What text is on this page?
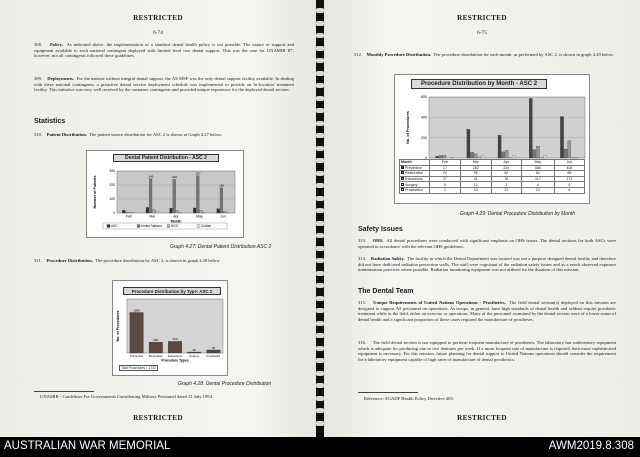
RESTRICTED
6-74
308. Policy. As indicated above, the implementation of a standard dental health policy is not possible. The nature of support and equipment available to each national contingent deployed with limited level two dental support. This was the case for UNAMIR II*, however, not all contingents followed these guidelines.
309. Deployments. For the nations without integral dental support, the AS MSF was the only dental support facility available. In dealing with these national contingents, a proactive dental service deployment schedule was implemented to provide an 'in-location' treatment facility. This initiative was very well received by the customer contingents and provided unique experience for the deployed dental section.
Statistics
310. Patient Distribution. The patient source distribution for ASC 2 is shown at Graph 4.27 below.
Dental Patient Distribution - ASC 2
0
100
200
300
Number of Patients
Feb	Mar	Apr	May	Jun
245	240
267
180
Month
ASC	United Nations	NGO	Civilian
Graph 4.27: Dental Patient Distribution ASC 2
311. Procedure Distribution. The procedure distribution by ASC 2, is shown in graph 4.28 below.
Procedure Distribution by Type: ASC 2
No. of Procedures
1050
Preventive
280
Restorative
300
Extractions
25
Surgery
78
Prosthetics
Procedure Types
Total Procedures = 1733
Graph 4.28: Dental Procedure Distribution
UNAMIR - Guidelines For Governments Contributing Military Personnel dated 21 July 1994.
RESTRICTED
RESTRICTED
6-75
312. Monthly Procedure Distribution. The procedure distribution for each month, as performed by ASC 2, is shown in graph 4.29 below.
Procedure Distribution by Month - ASC 2
0
200
400
600
No. of Procedures
Month	Feb	Mar	Apr	May	Jun
Preventive	17	282	224	586	408
Restorative	24	56	60	83	88
Extractions	27	41	76	117	171
Surgery	0	12	3	4	5
Prosthetics	2	24	22	22	8
Graph 4.29: Dental Procedure Distribution by Month
Safety Issues
313. OHS. All dental procedures were conducted with significant emphasis on OHS issues. The dental sections for both ASCs were operated in accordance with the relevant OHS guidelines.
314. Radiation Safety. The facility in which the Dental Department was located was not a purpose designed dental facility and therefore did not have dedicated radiation protection walls. The staff were cognisant of the radiation safety issues and as a result observed exposure minimisation practices where possible. Radiation monitoring equipment was not utilised for the duration of this mission.
The Dental Team
315. Unique Requirements of United Nations Operations - Prosthetics. The field dental section(s) deployed on this mission are designed to support AS personnel on operations. As troops, in general, have high standards of dental health and seldom require prosthetic treatment while in the field, either on exercise or operations. Many of the personnel examined by the dental section were of a lower status of dental health and a significant proportion of these cases required the manufacture of prostheses.
316. The field dental section is not equipped to perform frequent manufacture of prostheses. The laboratory has rudimentary equipment which is adequate for producing one or two dentures per week. If a more frequent rate of manufacture is required, then more sophisticated equipment is necessary. For this mission, future planning for dental support to United Nations operations should consider the requirement for a laboratory equipment capable of high rates of manufacture of dental prosthetics.
Reference: SGADF Health Policy Directive 403.
RESTRICTED
AUSTRALIAN WAR MEMORIAL	AWM2019.8.308
